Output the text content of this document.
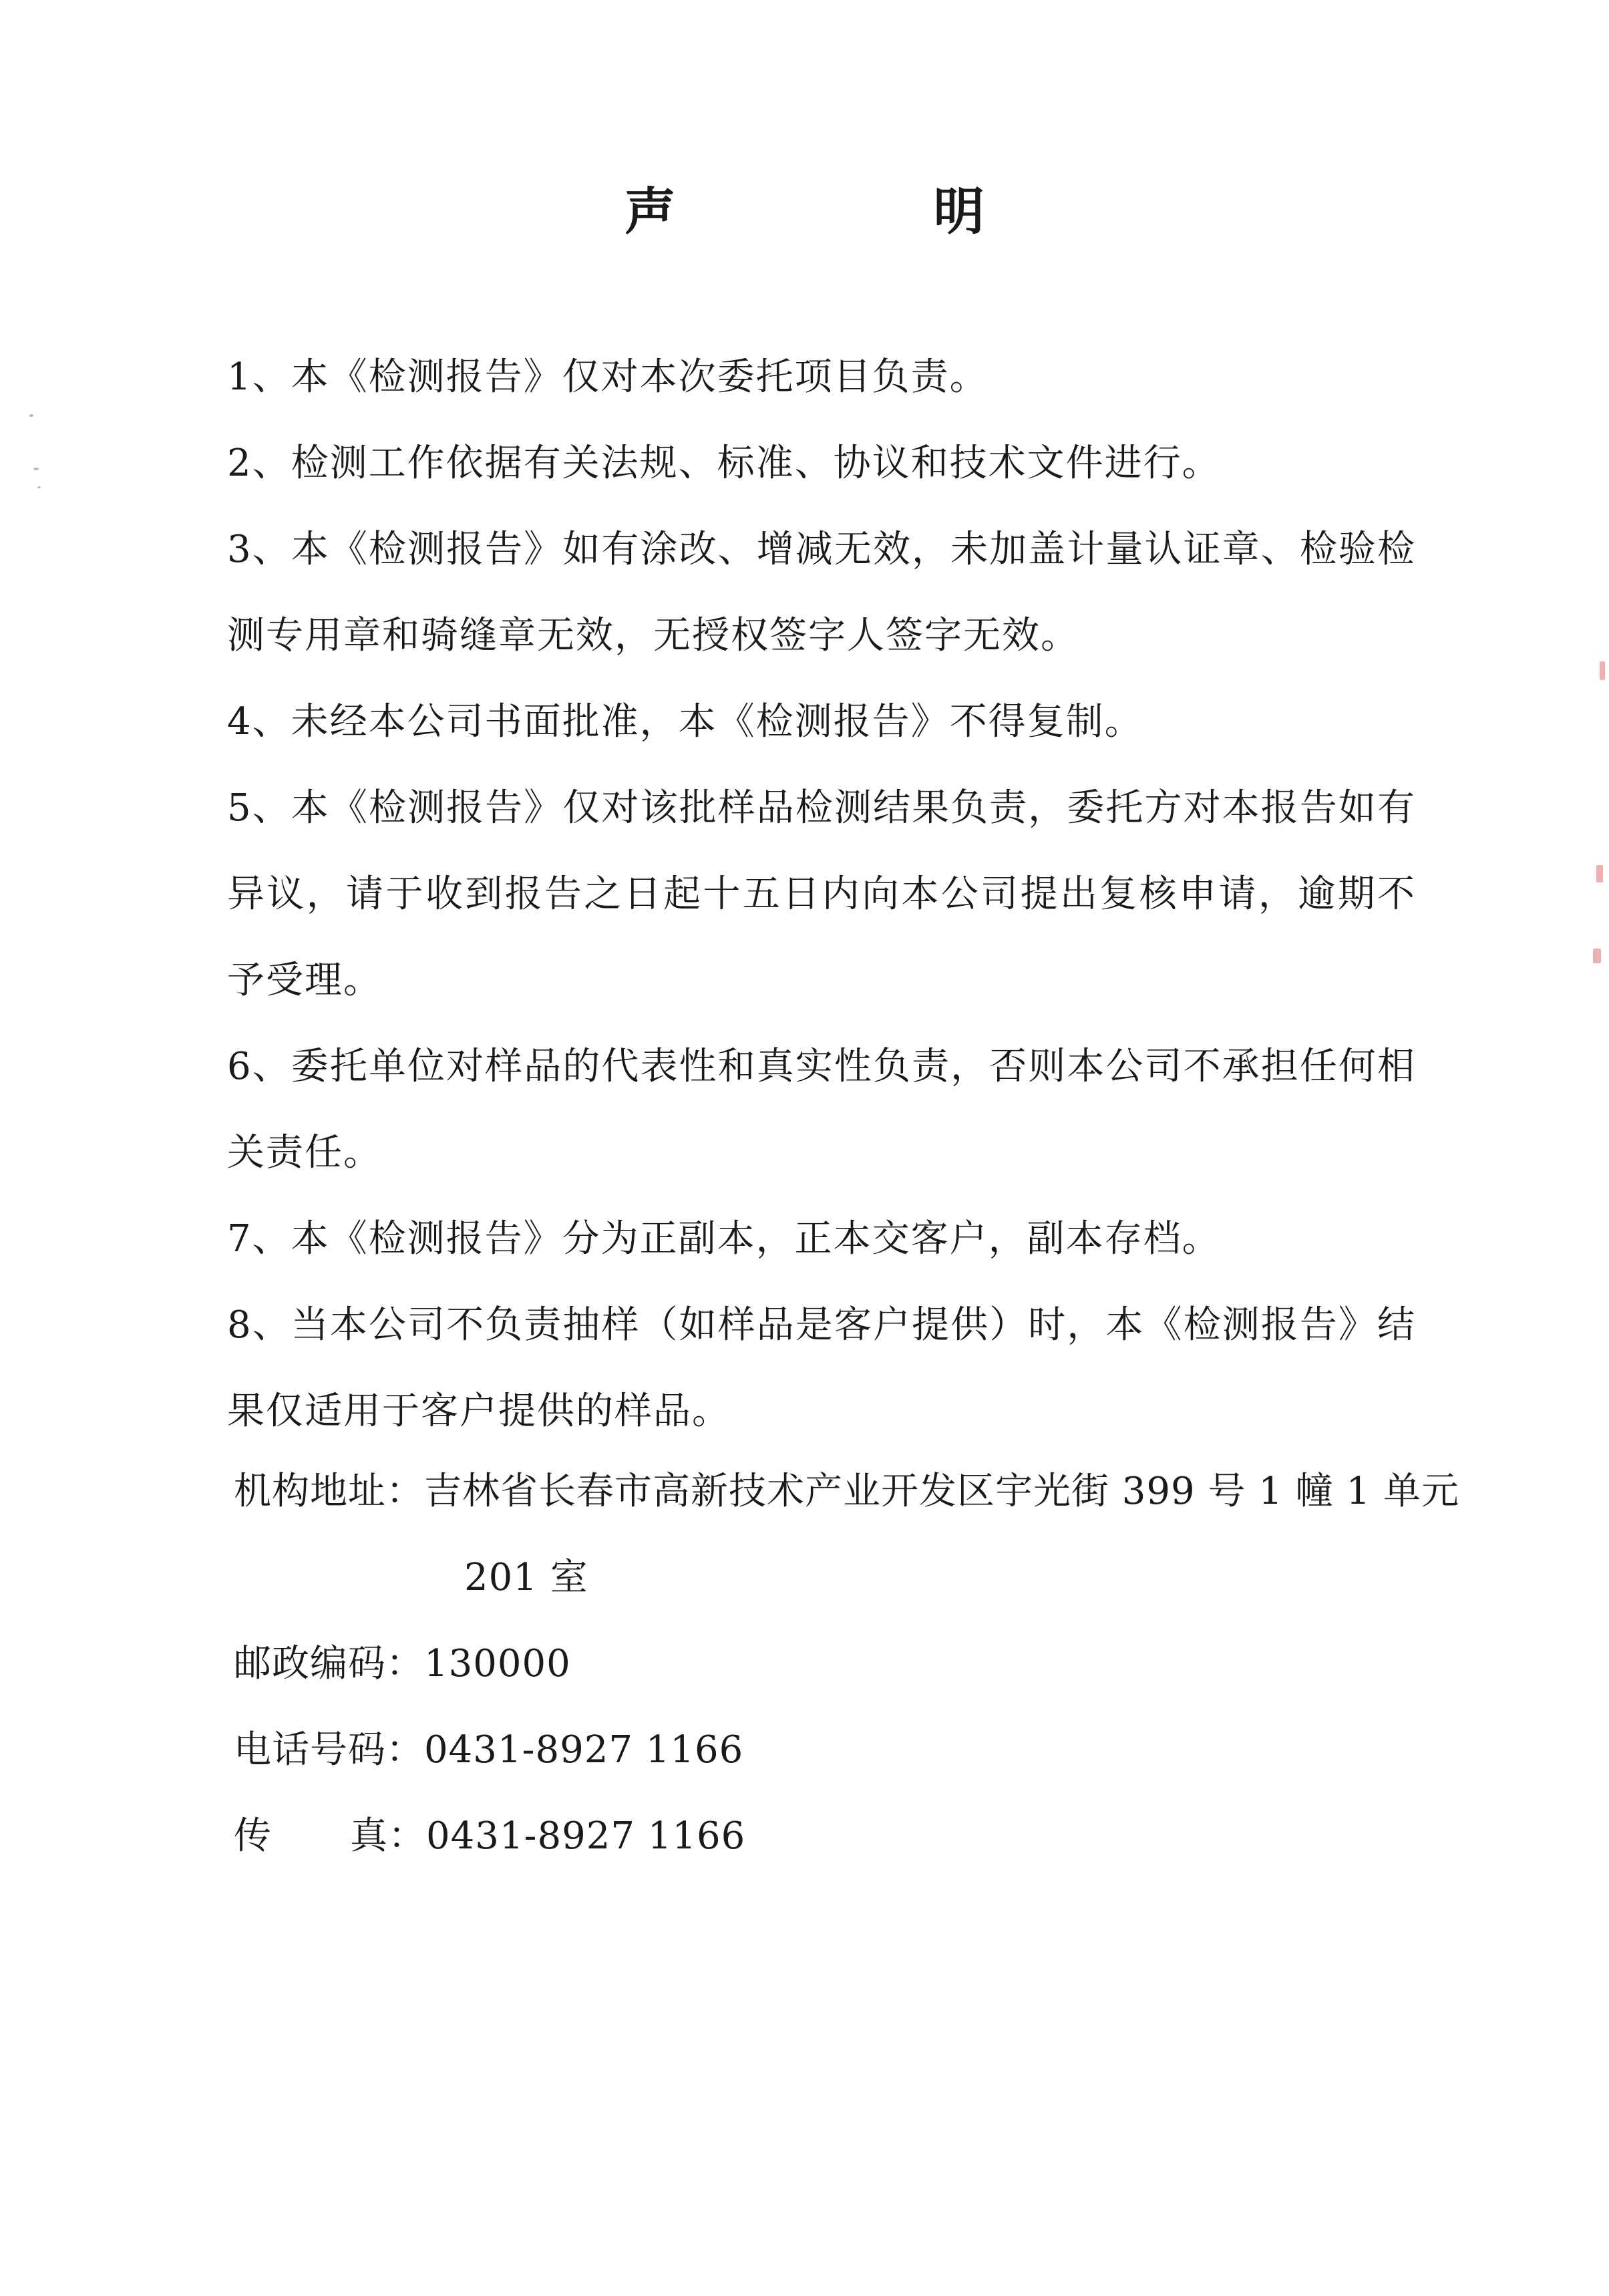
声 明

1、本《检测报告》仅对本次委托项目负责。

2、检测工作依据有关法规、标准、协议和技术文件进行。

3、本《检测报告》如有涂改、增减无效，未加盖计量认证章、检验检测专用章和骑缝章无效，无授权签字人签字无效。

4、未经本公司书面批准，本《检测报告》不得复制。

5、本《检测报告》仅对该批样品检测结果负责，委托方对本报告如有异议，请于收到报告之日起十五日内向本公司提出复核申请，逾期不予受理。

6、委托单位对样品的代表性和真实性负责，否则本公司不承担任何相关责任。

7、本《检测报告》分为正副本，正本交客户，副本存档。

8、当本公司不负责抽样（如样品是客户提供）时，本《检测报告》结果仅适用于客户提供的样品。

机构地址： 吉林省长春市高新技术产业开发区宇光街 399 号 1 幢 1 单元
201 室
邮政编码： 130000
电话号码： 0431-8927 1166
传 真： 0431-8927 1166
